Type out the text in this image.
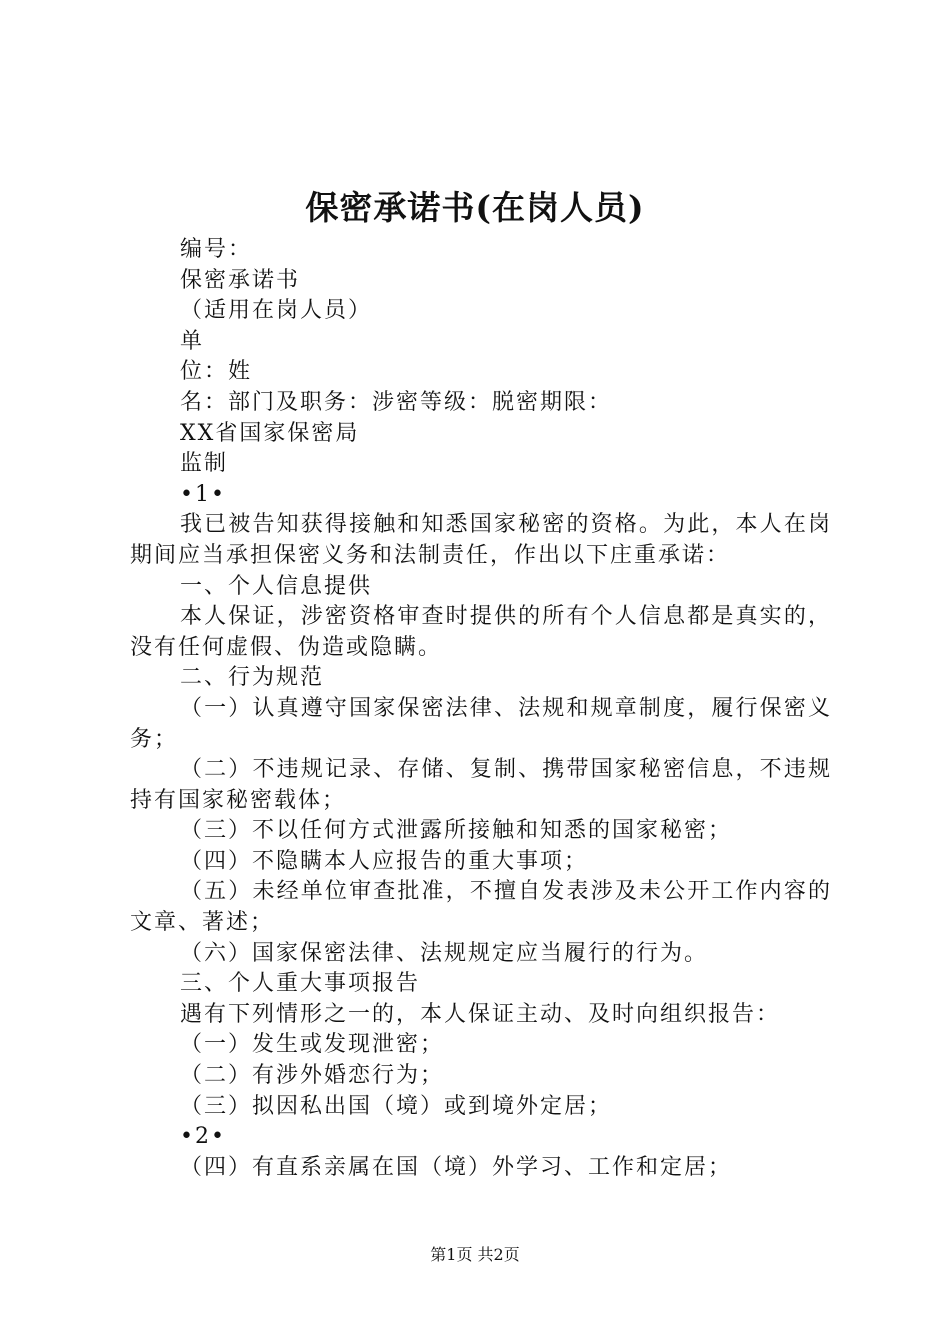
保密承诺书(在岗人员)

编号：

保密承诺书

（适用在岗人员）

单

位：姓

名：部门及职务：涉密等级：脱密期限：

XX省国家保密局

监制

•1•

我已被告知获得接触和知悉国家秘密的资格。为此，本人在岗期间应当承担保密义务和法制责任，作出以下庄重承诺：

一、个人信息提供

本人保证，涉密资格审查时提供的所有个人信息都是真实的，没有任何虚假、伪造或隐瞒。

二、行为规范

（一）认真遵守国家保密法律、法规和规章制度，履行保密义务；

（二）不违规记录、存储、复制、携带国家秘密信息，不违规持有国家秘密载体；

（三）不以任何方式泄露所接触和知悉的国家秘密；

（四）不隐瞒本人应报告的重大事项；

（五）未经单位审查批准，不擅自发表涉及未公开工作内容的文章、著述；

（六）国家保密法律、法规规定应当履行的行为。

三、个人重大事项报告

遇有下列情形之一的，本人保证主动、及时向组织报告：

（一）发生或发现泄密；

（二）有涉外婚恋行为；

（三）拟因私出国（境）或到境外定居；

•2•

（四）有直系亲属在国（境）外学习、工作和定居；

第1页 共2页
